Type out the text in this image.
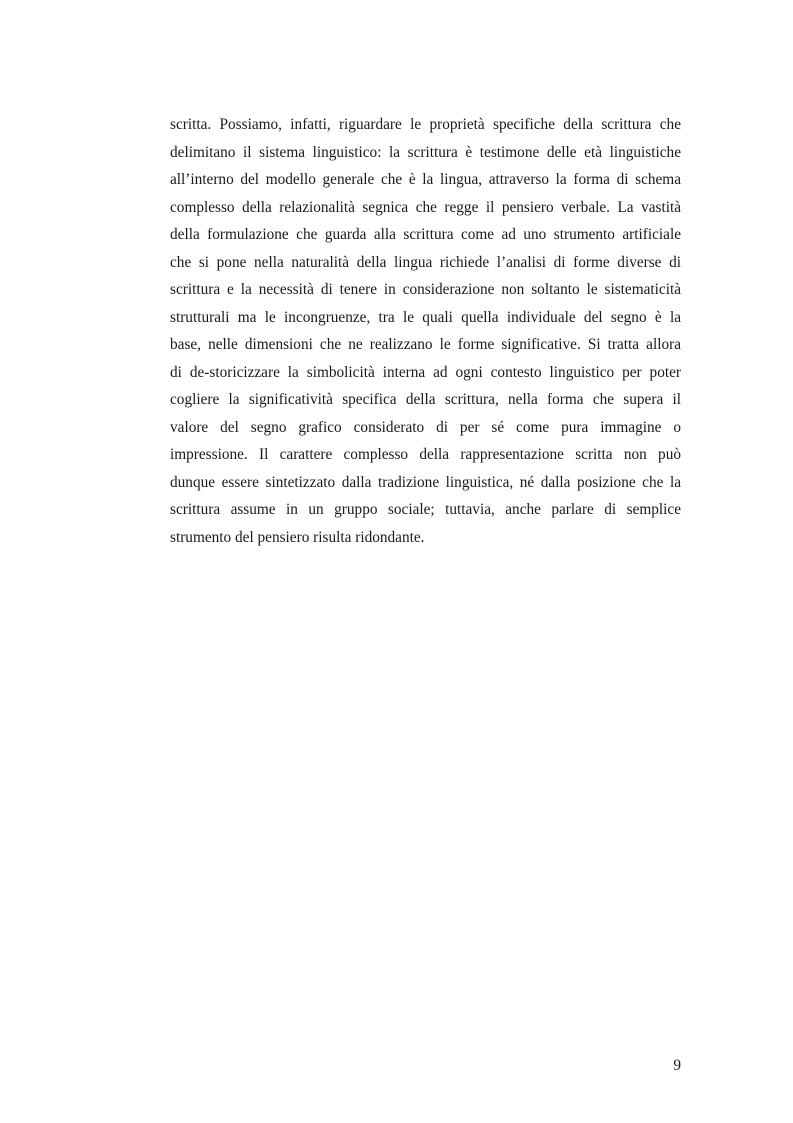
scritta. Possiamo, infatti, riguardare le proprietà specifiche della scrittura che
delimitano il sistema linguistico: la scrittura è testimone delle età linguistiche
all’interno del modello generale che è la lingua, attraverso la forma di schema
complesso della relazionalità segnica che regge il pensiero verbale. La vastità
della formulazione che guarda alla scrittura come ad uno strumento artificiale
che si pone nella naturalità della lingua richiede l’analisi di forme diverse di
scrittura e la necessità di tenere in considerazione non soltanto le sistematicità
strutturali ma le incongruenze, tra le quali quella individuale del segno è la
base, nelle dimensioni che ne realizzano le forme significative. Si tratta allora
di de-storicizzare la simbolicità interna ad ogni contesto linguistico per poter
cogliere la significatività specifica della scrittura, nella forma che supera il
valore del segno grafico considerato di per sé come pura immagine o
impressione. Il carattere complesso della rappresentazione scritta non può
dunque essere sintetizzato dalla tradizione linguistica, né dalla posizione che la
scrittura assume in un gruppo sociale; tuttavia, anche parlare di semplice
strumento del pensiero risulta ridondante.
9
